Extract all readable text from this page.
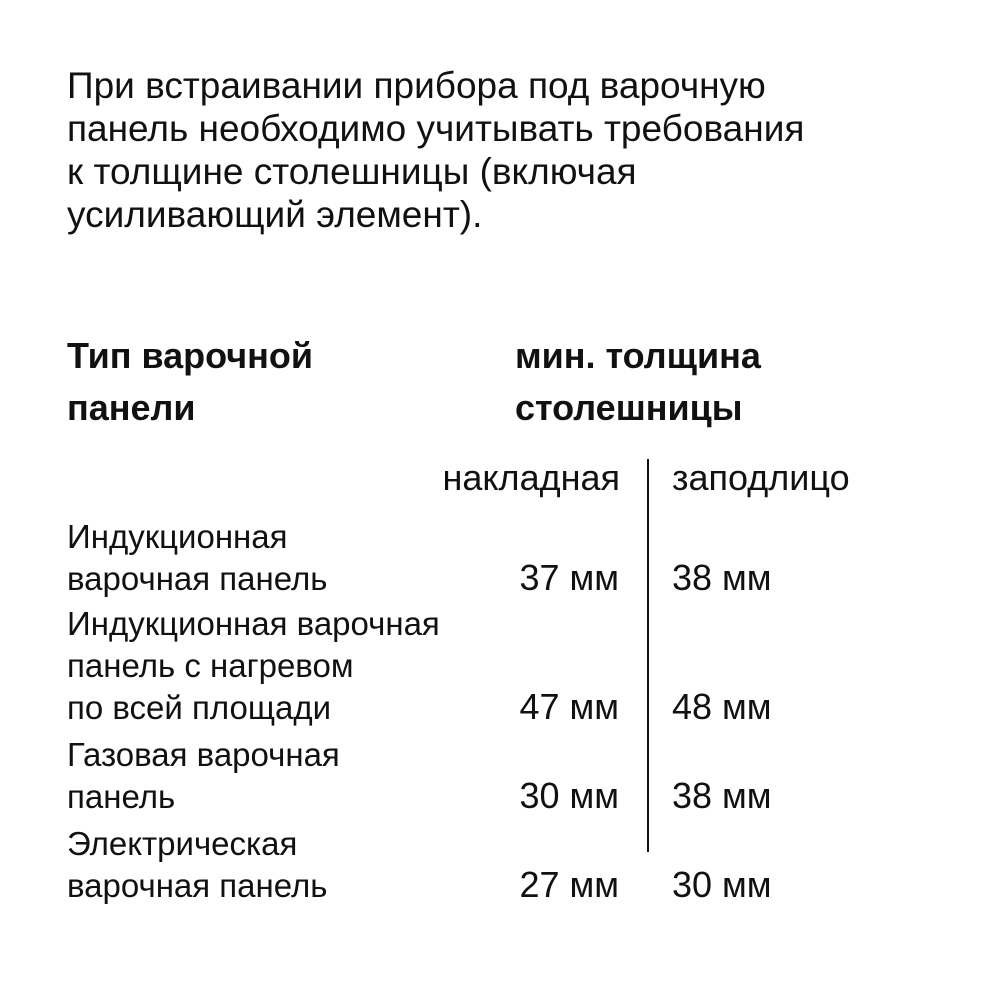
При встраивании прибора под варочную
панель необходимо учитывать требования
к толщине столешницы (включая
усиливающий элемент).
Тип варочной
панели
мин. толщина
столешницы
накладная заподлицо
Индукционная
варочная панель	37 мм 38 мм
Индукционная варочная
панель с нагревом
по всей площади	47 мм 48 мм
Газовая варочная
панель	30 мм 38 мм
Электрическая
варочная панель	27 мм 30 мм
